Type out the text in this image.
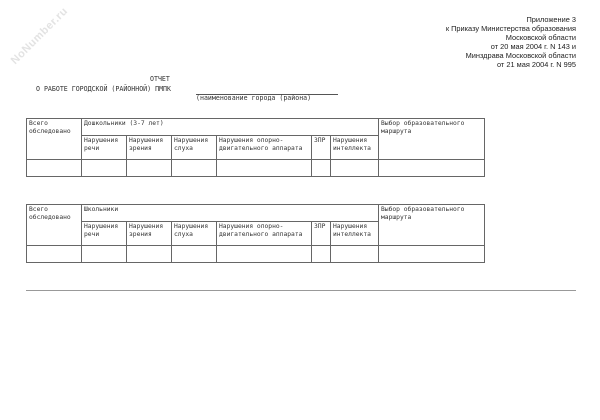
NoNumber.ru	Приложение 3
к Приказу Министерства образования
Московской области
от 20 мая 2004 г. N 143 и
Минздрава Московской области
от 21 мая 2004 г. N 995
ОТЧЕТ
О РАБОТЕ ГОРОДСКОЙ (РАЙОННОЙ) ПМПК
(наименование города (района)
Всего обследовано	Дошкольники (3-7 лет)						Выбор образовательного маршрута
	Нарушения речи	Нарушения зрения	Нарушения слуха	Нарушения опорно-двигательного аппарата	ЗПР	Нарушения интеллекта	

Всего обследовано	Школьники						Выбор образовательного маршрута
	Нарушения речи	Нарушения зрения	Нарушения слуха	Нарушения опорно-двигательного аппарата	ЗПР	Нарушения интеллекта	
